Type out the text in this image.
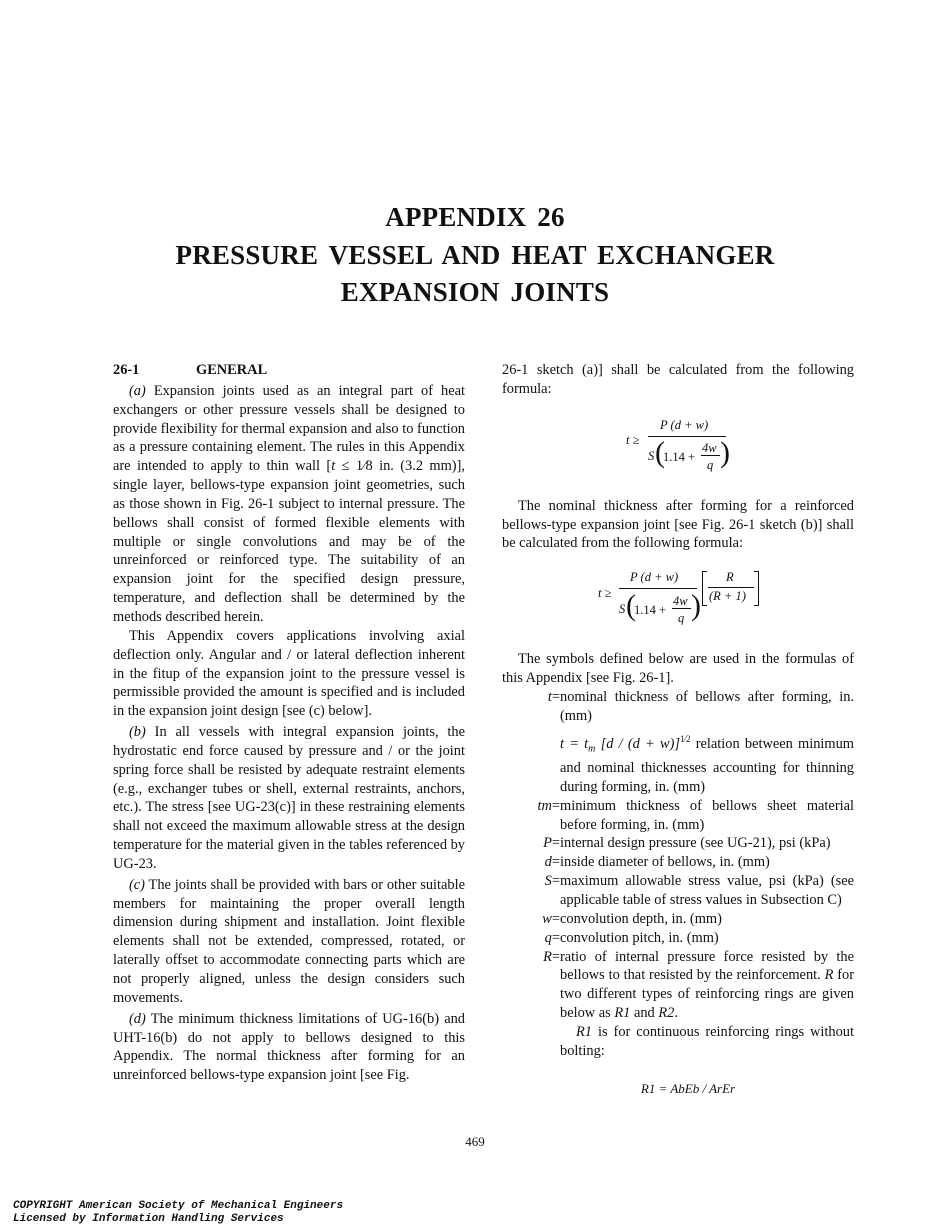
APPENDIX 26
PRESSURE VESSEL AND HEAT EXCHANGER
EXPANSION JOINTS
26-1	GENERAL

(a) Expansion joints used as an integral part of heat exchangers or other pressure vessels shall be designed to provide flexibility for thermal expansion and also to function as a pressure containing element. The rules in this Appendix are intended to apply to thin wall [t ≤ 1⁄8 in. (3.2 mm)], single layer, bellows-type expansion joint geometries, such as those shown in Fig. 26-1 subject to internal pressure. The bellows shall consist of formed flexible elements with multiple or single convolutions and may be of the unreinforced or reinforced type. The suitability of an expansion joint for the specified design pressure, temperature, and deflection shall be determined by the methods described herein.

This Appendix covers applications involving axial deflection only. Angular and / or lateral deflection inherent in the fitup of the expansion joint to the pressure vessel is permissible provided the amount is specified and is included in the expansion joint design [see (c) below].

(b) In all vessels with integral expansion joints, the hydrostatic end force caused by pressure and / or the joint spring force shall be resisted by adequate restraint elements (e.g., exchanger tubes or shell, external restraints, anchors, etc.). The stress [see UG-23(c)] in these restraining elements shall not exceed the maximum allowable stress at the design temperature for the material given in the tables referenced by UG-23.

(c) The joints shall be provided with bars or other suitable members for maintaining the proper overall length dimension during shipment and installation. Joint flexible elements shall not be extended, compressed, rotated, or laterally offset to accommodate connecting parts which are not properly aligned, unless the design considers such movements.

(d) The minimum thickness limitations of UG-16(b) and UHT-16(b) do not apply to bellows designed to this Appendix. The normal thickness after forming for an unreinforced bellows-type expansion joint [see Fig.

26-1 sketch (a)] shall be calculated from the following formula:

t ≥
P (d + w)
S (
1.14 +
4w
q )

The nominal thickness after forming for a reinforced bellows-type expansion joint [see Fig. 26-1 sketch (b)] shall be calculated from the following formula:

t ≥
P (d + w)
S (
1.14 +
4w
q )
R
(R + 1)

The symbols defined below are used in the formulas of this Appendix [see Fig. 26-1].

t= nominal thickness of bellows after forming, in. (mm)
$t = t_m$ $[d / (d + w)]^{1⁄2}$ relation between minimum and nominal thicknesses accounting for thinning during forming, in. (mm)
tm= minimum thickness of bellows sheet material before forming, in. (mm)
P= internal design pressure (see UG-21), psi (kPa)
d= inside diameter of bellows, in. (mm)
S= maximum allowable stress value, psi (kPa) (see applicable table of stress values in Subsection C)
w= convolution depth, in. (mm)
q= convolution pitch, in. (mm)
R= ratio of internal pressure force resisted by the bellows to that resisted by the reinforcement. R for two different types of reinforcing rings are given below as R1 and R2.
R1 is for continuous reinforcing rings without bolting:
R1 = AbEb / ArEr
469
COPYRIGHT American Society of Mechanical Engineers
Licensed by Information Handling Services
